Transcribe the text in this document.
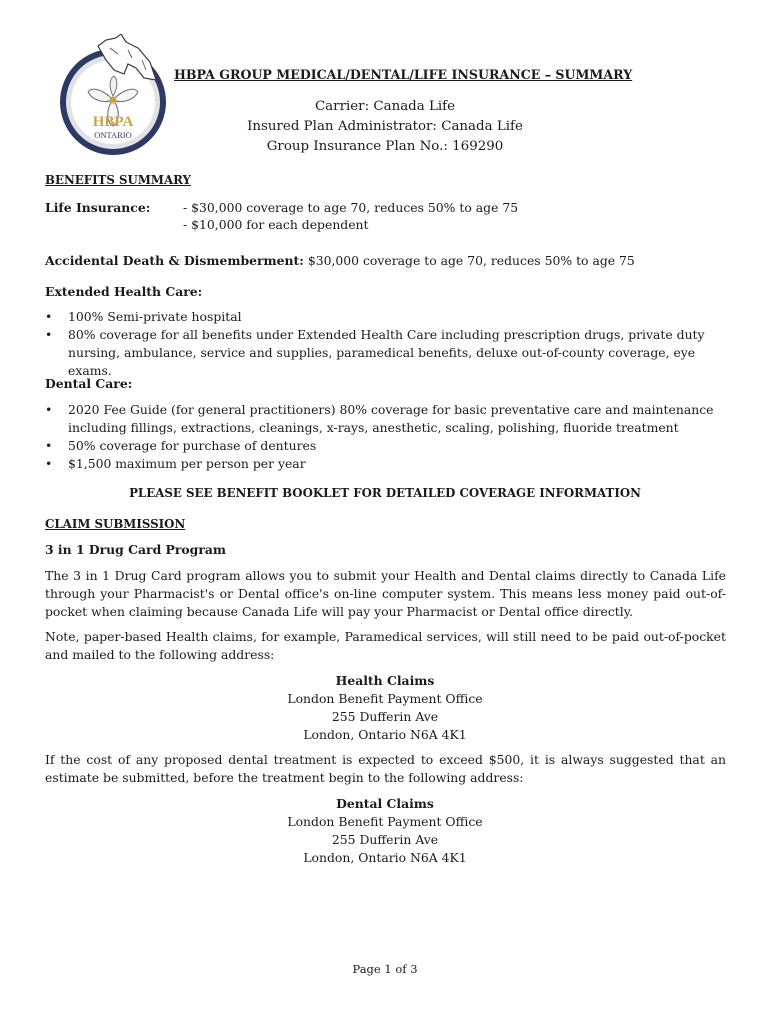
HBPA
ONTARIO
HBPA GROUP MEDICAL/DENTAL/LIFE INSURANCE – SUMMARY
Carrier: Canada Life
Insured Plan Administrator: Canada Life
Group Insurance Plan No.: 169290
BENEFITS SUMMARY
Life Insurance:	- $30,000 coverage to age 70, reduces 50% to age 75
- $10,000 for each dependent
Accidental Death & Dismemberment: $30,000 coverage to age 70, reduces 50% to age 75
Extended Health Care:
• 100% Semi-private hospital
• 80% coverage for all benefits under Extended Health Care including prescription drugs, private duty nursing, ambulance, service and supplies, paramedical benefits, deluxe out-of-county coverage, eye exams.
Dental Care:
• 2020 Fee Guide (for general practitioners) 80% coverage for basic preventative care and maintenance including fillings, extractions, cleanings, x-rays, anesthetic, scaling, polishing, fluoride treatment
• 50% coverage for purchase of dentures
• $1,500 maximum per person per year
PLEASE SEE BENEFIT BOOKLET FOR DETAILED COVERAGE INFORMATION
CLAIM SUBMISSION
3 in 1 Drug Card Program
The 3 in 1 Drug Card program allows you to submit your Health and Dental claims directly to Canada Life through your Pharmacist's or Dental office's on-line computer system. This means less money paid out-of-pocket when claiming because Canada Life will pay your Pharmacist or Dental office directly.
Note, paper-based Health claims, for example, Paramedical services, will still need to be paid out-of-pocket and mailed to the following address:
Health Claims
London Benefit Payment Office
255 Dufferin Ave
London, Ontario N6A 4K1
If the cost of any proposed dental treatment is expected to exceed $500, it is always suggested that an estimate be submitted, before the treatment begin to the following address:
Dental Claims
London Benefit Payment Office
255 Dufferin Ave
London, Ontario N6A 4K1
Page 1 of 3
